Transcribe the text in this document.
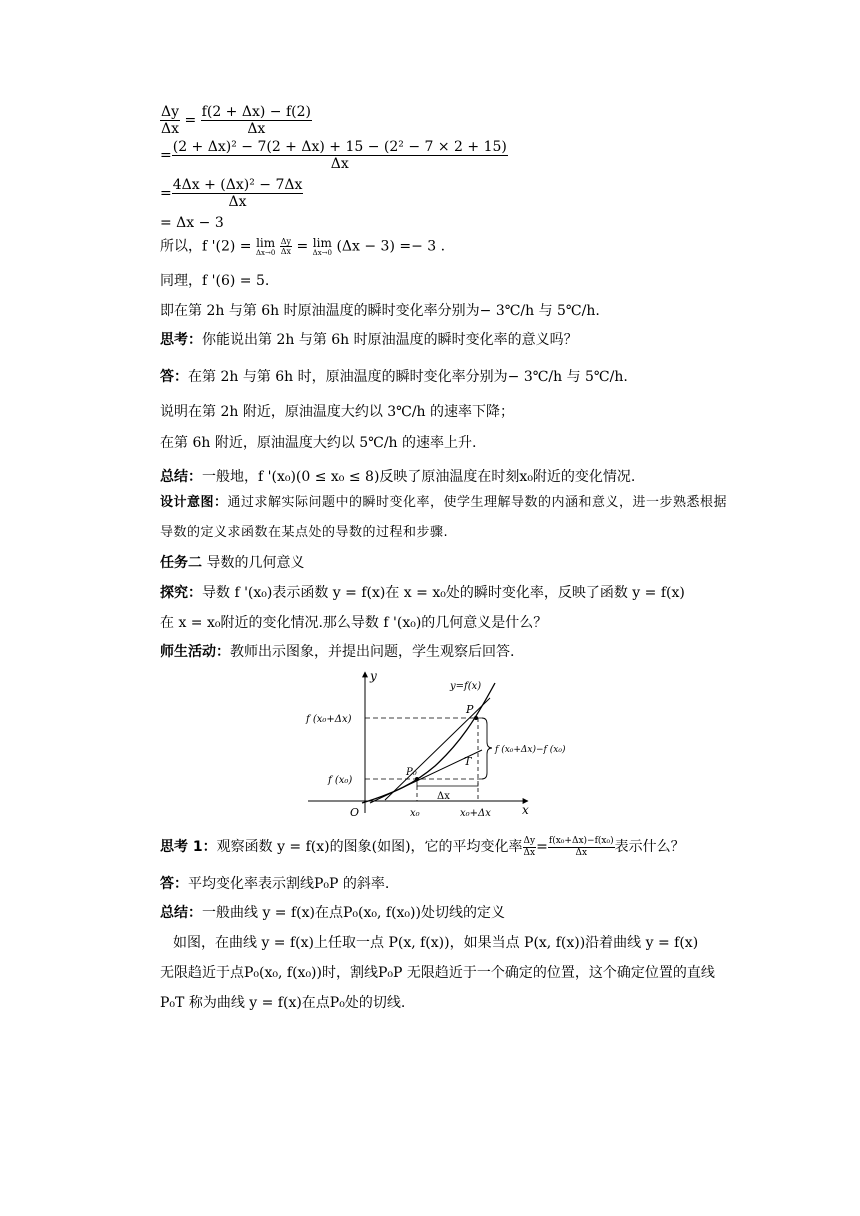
$\frac{\Delta y}{\Delta x} = \frac{f(2 + \Delta x) - f(2)}{\Delta x}$
= $\frac{\text{(2 + Δx)² − 7(2 + Δx) + 15 − (2² − 7 × 2 + 15)}}{\Delta x}$
= $\frac{\text{4Δx + (Δx)² − 7Δx}}{\Delta x}$
= Δx − 3
所以，f '(2) = lim
Δx→0
$\frac{\Delta y}{\Delta x} = \lim$
Δx→0 (Δx − 3) =− 3 .
同理，f '(6) = 5.
即在第 2h 与第 6h 时原油温度的瞬时变化率分别为− 3℃/h 与 5℃/h.
思考：你能说出第 2h 与第 6h 时原油温度的瞬时变化率的意义吗？
答：在第 2h 与第 6h 时，原油温度的瞬时变化率分别为− 3℃/h 与 5℃/h.
说明在第 2h 附近，原油温度大约以 3℃/h 的速率下降；
在第 6h 附近，原油温度大约以 5℃/h 的速率上升.
总结：一般地，f '(x₀)(0 ≤ x₀ ≤ 8)反映了原油温度在时刻x₀附近的变化情况.
设计意图：通过求解实际问题中的瞬时变化率，使学生理解导数的内涵和意义，进一步熟悉根据导数的定义求函数在某点处的导数的过程和步骤.
任务二 导数的几何意义
探究：导数 f '(x₀)表示函数 y = f(x)在 x = x₀处的瞬时变化率，反映了函数 y = f(x)
在 x = x₀附近的变化情况.那么导数 f '(x₀)的几何意义是什么？
师生活动：教师出示图象，并提出问题，学生观察后回答.
y
x
O
y=f(x)
f (x₀+Δx)
f (x₀)
P
P₀
T
Δx
x₀	x₀+Δx
f (x₀+Δx)−f (x₀)
思考 1：观察函数 y = f(x)的图象(如图)，它的平均变化率 $\frac{\Delta y}{\Delta x} = \frac{\text{f(x₀+Δx)−f(x₀)}}{\Delta x}$ 表示什么？
答：平均变化率表示割线P₀P 的斜率.
总结：一般曲线 y = f(x)在点P₀(x₀, f(x₀))处切线的定义
如图，在曲线 y = f(x)上任取一点 P(x, f(x))，如果当点 P(x, f(x))沿着曲线 y = f(x)
无限趋近于点P₀(x₀, f(x₀))时，割线P₀P 无限趋近于一个确定的位置，这个确定位置的直线
P₀T 称为曲线 y = f(x)在点P₀处的切线.
